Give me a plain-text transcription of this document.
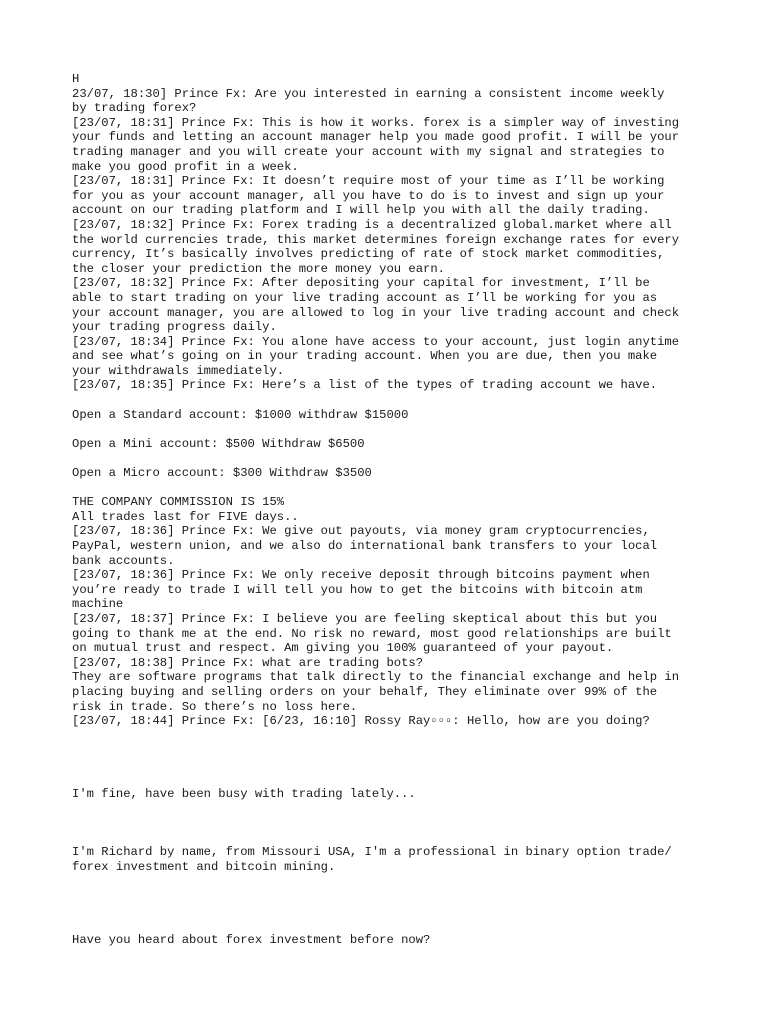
H
23/07, 18:30] Prince Fx: Are you interested in earning a consistent income weekly
by trading forex?
[23/07, 18:31] Prince Fx: This is how it works. forex is a simpler way of investing
your funds and letting an account manager help you made good profit. I will be your
trading manager and you will create your account with my signal and strategies to
make you good profit in a week.
[23/07, 18:31] Prince Fx: It doesn’t require most of your time as I’ll be working
for you as your account manager, all you have to do is to invest and sign up your
account on our trading platform and I will help you with all the daily trading.
[23/07, 18:32] Prince Fx: Forex trading is a decentralized global.market where all
the world currencies trade, this market determines foreign exchange rates for every
currency, It’s basically involves predicting of rate of stock market commodities,
the closer your prediction the more money you earn.
[23/07, 18:32] Prince Fx: After depositing your capital for investment, I’ll be
able to start trading on your live trading account as I’ll be working for you as
your account manager, you are allowed to log in your live trading account and check
your trading progress daily.
[23/07, 18:34] Prince Fx: You alone have access to your account, just login anytime
and see what’s going on in your trading account. When you are due, then you make
your withdrawals immediately.
[23/07, 18:35] Prince Fx: Here’s a list of the types of trading account we have.
Open a Standard account: $1000 withdraw $15000
Open a Mini account: $500 Withdraw $6500
Open a Micro account: $300 Withdraw $3500
THE COMPANY COMMISSION IS 15%
All trades last for FIVE days..
[23/07, 18:36] Prince Fx: We give out payouts, via money gram cryptocurrencies,
PayPal, western union, and we also do international bank transfers to your local
bank accounts.
[23/07, 18:36] Prince Fx: We only receive deposit through bitcoins payment when
you’re ready to trade I will tell you how to get the bitcoins with bitcoin atm
machine
[23/07, 18:37] Prince Fx: I believe you are feeling skeptical about this but you
going to thank me at the end. No risk no reward, most good relationships are built
on mutual trust and respect. Am giving you 100% guaranteed of your payout.
[23/07, 18:38] Prince Fx: what are trading bots?
They are software programs that talk directly to the financial exchange and help in
placing buying and selling orders on your behalf, They eliminate over 99% of the
risk in trade. So there’s no loss here.
[23/07, 18:44] Prince Fx: [6/23, 16:10] Rossy Ray▫▫▫: Hello, how are you doing?
I'm fine, have been busy with trading lately...
I'm Richard by name, from Missouri USA, I'm a professional in binary option trade/
forex investment and bitcoin mining.
Have you heard about forex investment before now?
